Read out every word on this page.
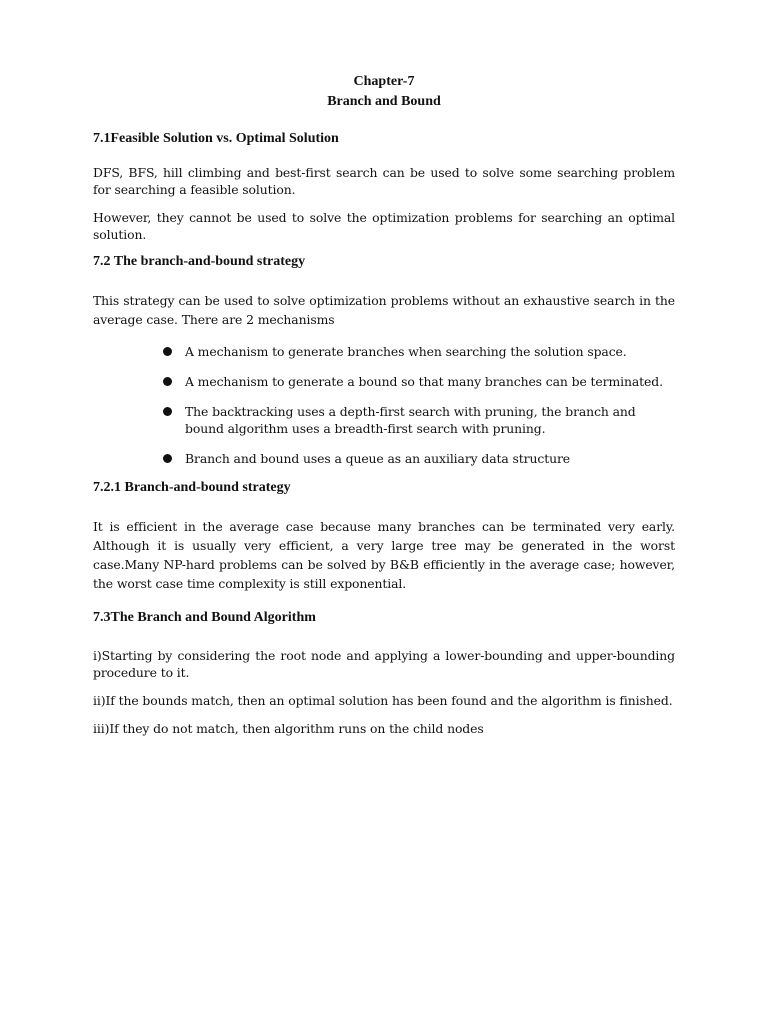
Chapter-7
Branch and Bound
7.1Feasible Solution vs. Optimal Solution

DFS, BFS, hill climbing and best-first search can be used to solve some searching problem for searching a feasible solution.

However, they cannot be used to solve the optimization problems for searching an optimal solution.

7.2 The branch-and-bound strategy

This strategy can be used to solve optimization problems without an exhaustive search in the average case. There are 2 mechanisms

A mechanism to generate branches when searching the solution space.
A mechanism to generate a bound so that many branches can be terminated.
The backtracking uses a depth-first search with pruning, the branch and bound algorithm uses a breadth-first search with pruning.
Branch and bound uses a queue as an auxiliary data structure
7.2.1 Branch-and-bound strategy

It is efficient in the average case because many branches can be terminated very early. Although it is usually very efficient, a very large tree may be generated in the worst case.Many NP-hard problems can be solved by B&B efficiently in the average case; however, the worst case time complexity is still exponential.

7.3The Branch and Bound Algorithm

i)Starting by considering the root node and applying a lower-bounding and upper-bounding procedure to it.

ii)If the bounds match, then an optimal solution has been found and the algorithm is finished.

iii)If they do not match, then algorithm runs on the child nodes
